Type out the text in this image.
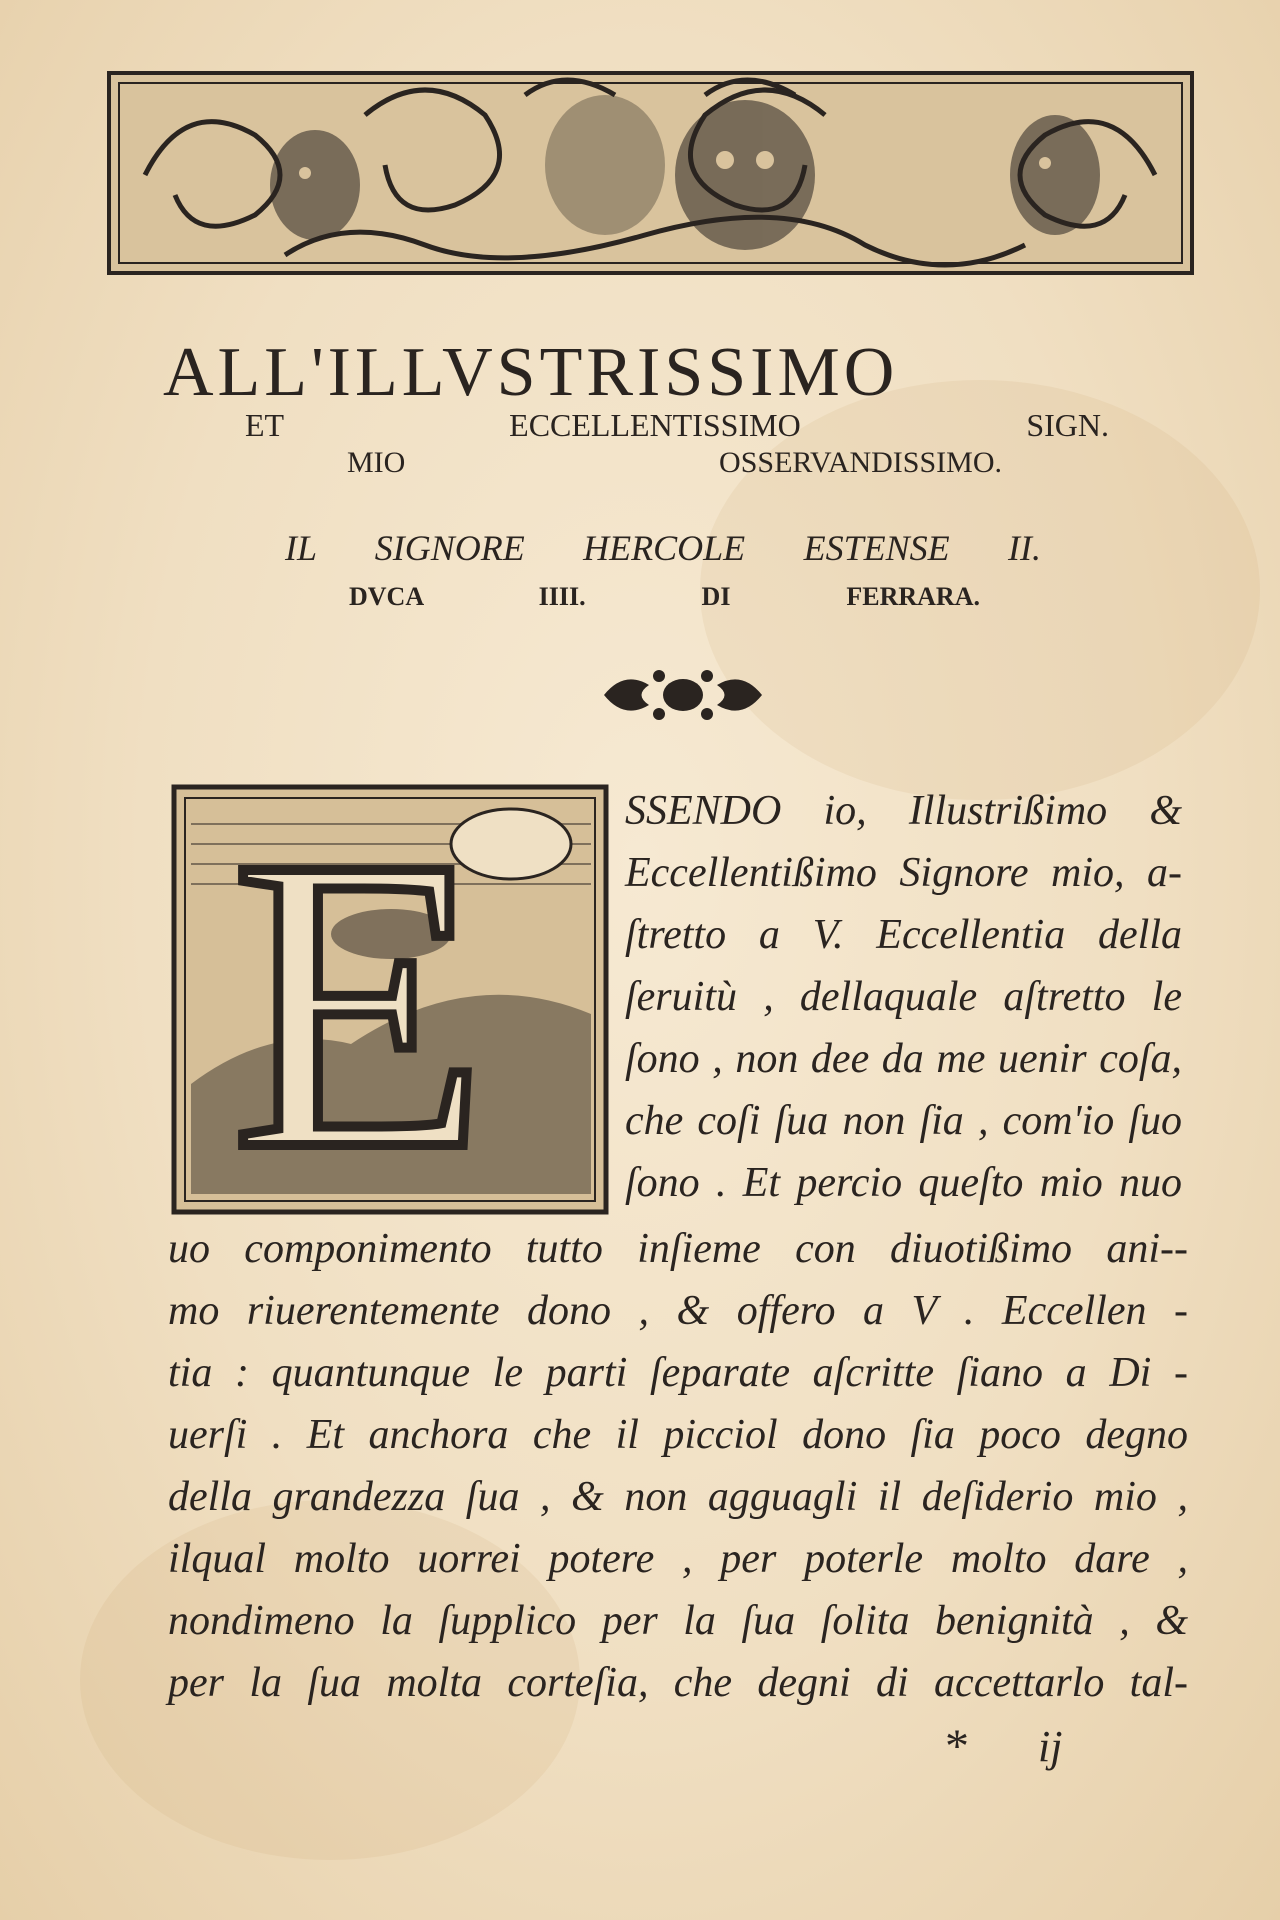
ALL'ILLVSTRISSIMO
ET ECCELLENTISSIMO SIGN.
MIO OSSERVANDISSIMO.
IL SIGNORE HERCOLE ESTENSE II.
DVCA IIII. DI FERRARA.
E	SSENDO io, Illustrißimo &
Eccellentißimo Signore mio, a-
ſtretto a V. Eccellentia della
ſeruitù , dellaquale aſtretto le
ſono , non dee da me uenir coſa,
che coſi ſua non ſia , com'io ſuo
ſono . Et percio queſto mio nuo
uo componimento tutto inſieme con diuotißimo ani--
mo riuerentemente dono , & offero a V . Eccellen -
tia : quantunque le parti ſeparate aſcritte ſiano a Di -
uerſi . Et anchora che il picciol dono ſia poco degno
della grandezza ſua , & non agguagli il deſiderio mio ,
ilqual molto uorrei potere , per poterle molto dare ,
nondimeno la ſupplico per la ſua ſolita benignità , &
per la ſua molta corteſia, che degni di accettarlo tal-
* ij
